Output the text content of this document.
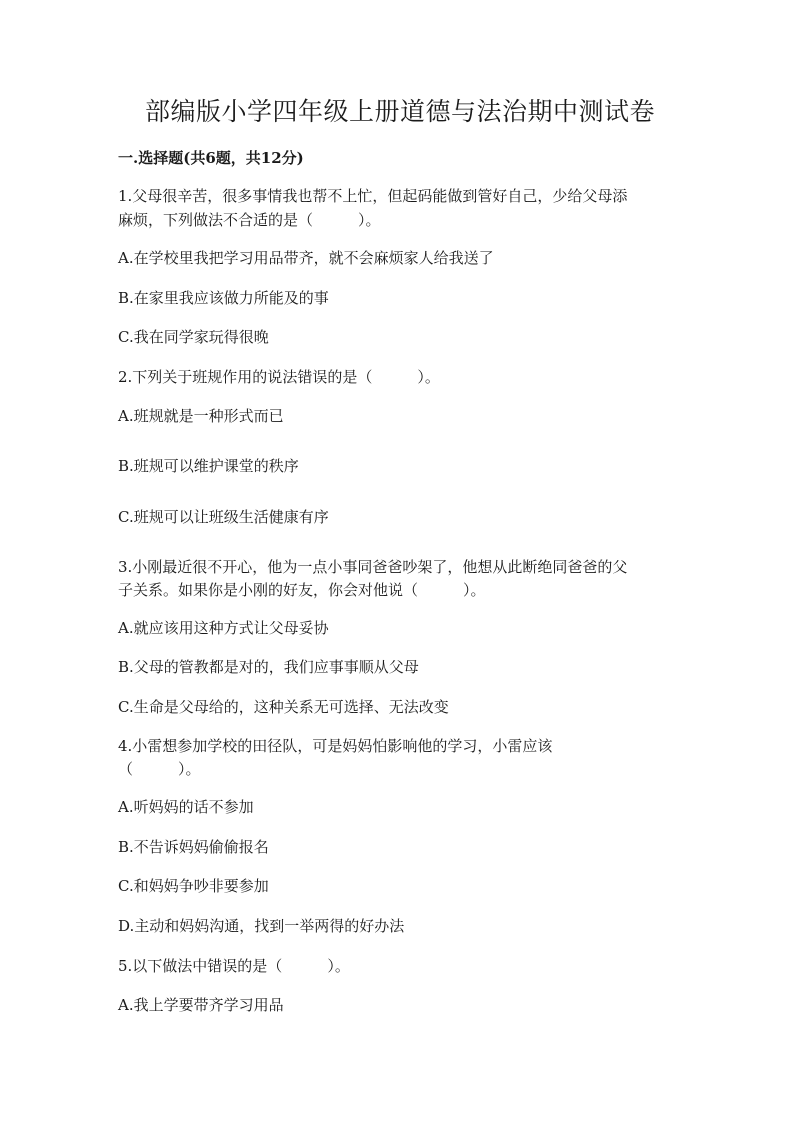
部编版小学四年级上册道德与法治期中测试卷
一.选择题(共6题，共12分)
1.父母很辛苦，很多事情我也帮不上忙，但起码能做到管好自己，少给父母添
麻烦，下列做法不合适的是（　　　）。
A.在学校里我把学习用品带齐，就不会麻烦家人给我送了
B.在家里我应该做力所能及的事
C.我在同学家玩得很晚
2.下列关于班规作用的说法错误的是（　　　）。
A.班规就是一种形式而已
B.班规可以维护课堂的秩序
C.班规可以让班级生活健康有序
3.小刚最近很不开心，他为一点小事同爸爸吵架了，他想从此断绝同爸爸的父
子关系。如果你是小刚的好友，你会对他说（　　　）。
A.就应该用这种方式让父母妥协
B.父母的管教都是对的，我们应事事顺从父母
C.生命是父母给的，这种关系无可选择、无法改变
4.小雷想参加学校的田径队，可是妈妈怕影响他的学习，小雷应该
（　　　）。
A.听妈妈的话不参加
B.不告诉妈妈偷偷报名
C.和妈妈争吵非要参加
D.主动和妈妈沟通，找到一举两得的好办法
5.以下做法中错误的是（　　　）。
A.我上学要带齐学习用品
